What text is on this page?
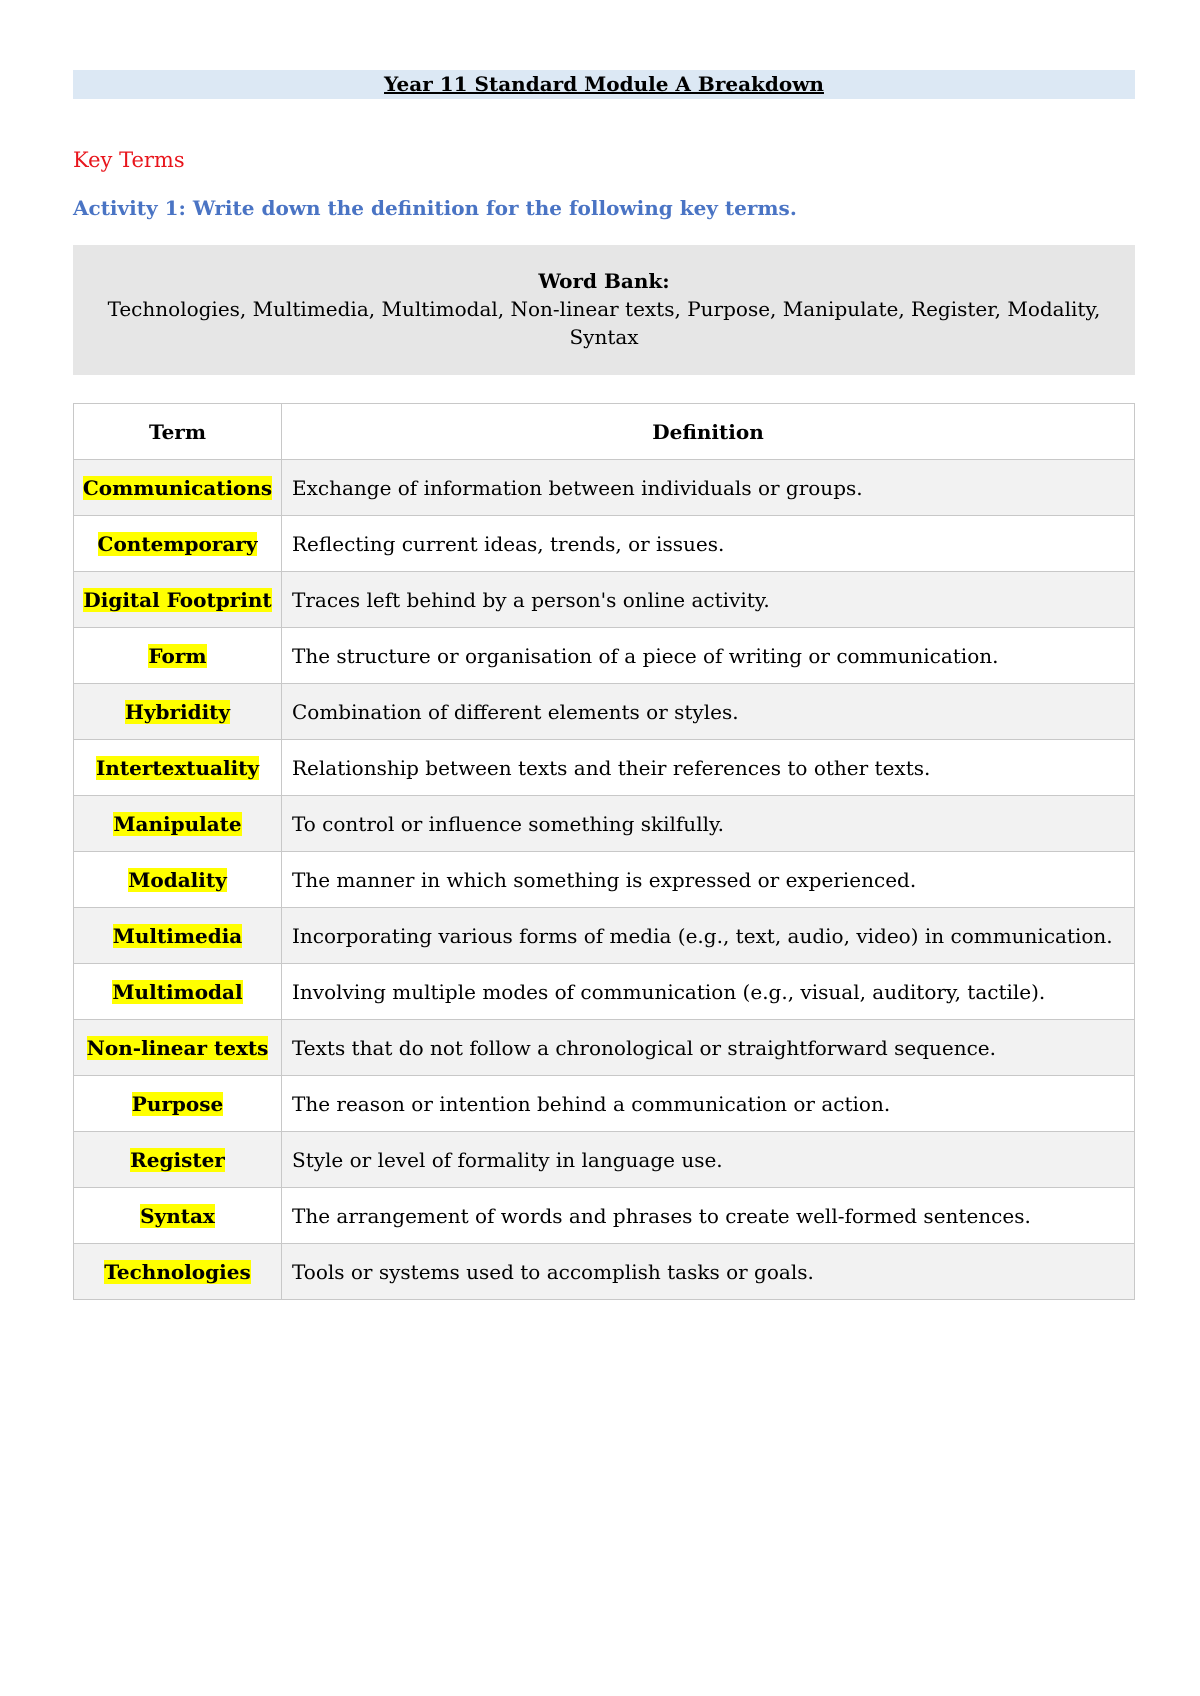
Year 11 Standard Module A Breakdown
Key Terms
Activity 1: Write down the definition for the following key terms.
Word Bank:
Technologies, Multimedia, Multimodal, Non-linear texts, Purpose, Manipulate, Register, Modality, Syntax
Term	Definition
Communications	Exchange of information between individuals or groups.
Contemporary	Reflecting current ideas, trends, or issues.
Digital Footprint	Traces left behind by a person's online activity.
Form	The structure or organisation of a piece of writing or communication.
Hybridity	Combination of different elements or styles.
Intertextuality	Relationship between texts and their references to other texts.
Manipulate	To control or influence something skilfully.
Modality	The manner in which something is expressed or experienced.
Multimedia	Incorporating various forms of media (e.g., text, audio, video) in communication.
Multimodal	Involving multiple modes of communication (e.g., visual, auditory, tactile).
Non-linear texts	Texts that do not follow a chronological or straightforward sequence.
Purpose	The reason or intention behind a communication or action.
Register	Style or level of formality in language use.
Syntax	The arrangement of words and phrases to create well-formed sentences.
Technologies	Tools or systems used to accomplish tasks or goals.
